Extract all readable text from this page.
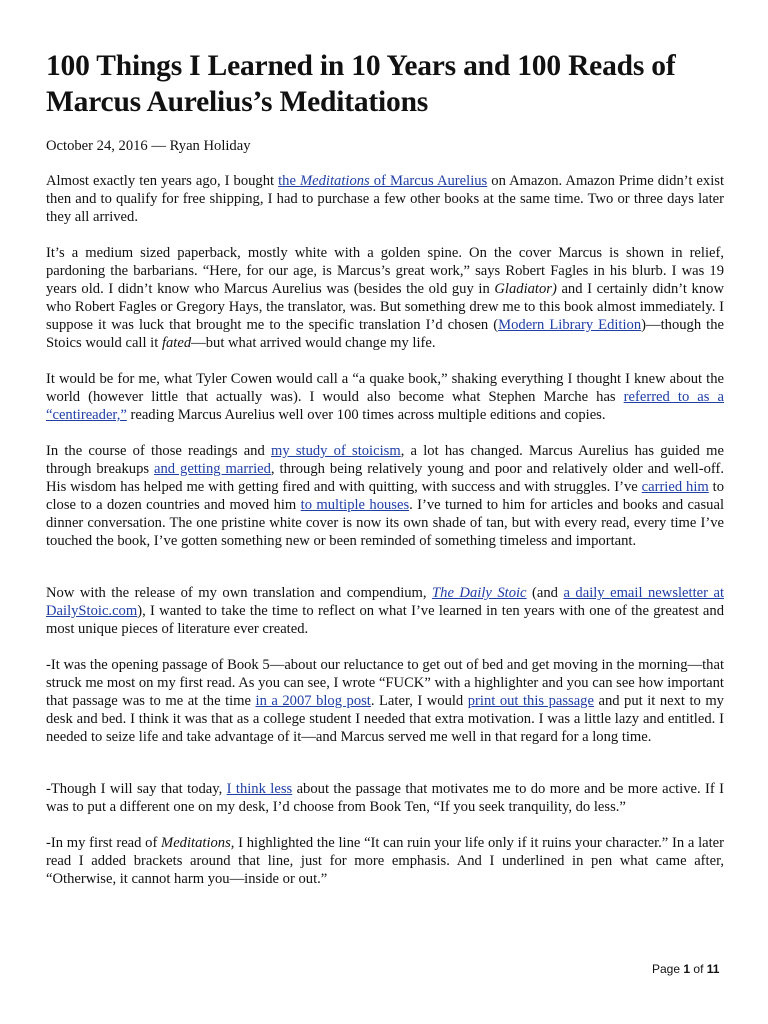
100 Things I Learned in 10 Years and 100 Reads of Marcus Aurelius’s Meditations

October 24, 2016 — Ryan Holiday

Almost exactly ten years ago, I bought the Meditations of Marcus Aurelius on Amazon. Amazon Prime didn’t exist then and to qualify for free shipping, I had to purchase a few other books at the same time. Two or three days later they all arrived.

It’s a medium sized paperback, mostly white with a golden spine. On the cover Marcus is shown in relief, pardoning the barbarians. “Here, for our age, is Marcus’s great work,” says Robert Fagles in his blurb. I was 19 years old. I didn’t know who Marcus Aurelius was (besides the old guy in Gladiator) and I certainly didn’t know who Robert Fagles or Gregory Hays, the translator, was. But something drew me to this book almost immediately. I suppose it was luck that brought me to the specific translation I’d chosen (Modern Library Edition)—though the Stoics would call it fated—but what arrived would change my life.

It would be for me, what Tyler Cowen would call a “a quake book,” shaking everything I thought I knew about the world (however little that actually was). I would also become what Stephen Marche has referred to as a “centireader,” reading Marcus Aurelius well over 100 times across multiple editions and copies.

In the course of those readings and my study of stoicism, a lot has changed. Marcus Aurelius has guided me through breakups and getting married, through being relatively young and poor and relatively older and well-off. His wisdom has helped me with getting fired and with quitting, with success and with struggles. I’ve carried him to close to a dozen countries and moved him to multiple houses. I’ve turned to him for articles and books and casual dinner conversation. The one pristine white cover is now its own shade of tan, but with every read, every time I’ve touched the book, I’ve gotten something new or been reminded of something timeless and important.

Now with the release of my own translation and compendium, The Daily Stoic (and a daily email newsletter at DailyStoic.com), I wanted to take the time to reflect on what I’ve learned in ten years with one of the greatest and most unique pieces of literature ever created.

-It was the opening passage of Book 5—about our reluctance to get out of bed and get moving in the morning—that struck me most on my first read. As you can see, I wrote “FUCK” with a highlighter and you can see how important that passage was to me at the time in a 2007 blog post. Later, I would print out this passage and put it next to my desk and bed. I think it was that as a college student I needed that extra motivation. I was a little lazy and entitled. I needed to seize life and take advantage of it—and Marcus served me well in that regard for a long time.

-Though I will say that today, I think less about the passage that motivates me to do more and be more active. If I was to put a different one on my desk, I’d choose from Book Ten, “If you seek tranquility, do less.”

-In my first read of Meditations, I highlighted the line “It can ruin your life only if it ruins your character.” In a later read I added brackets around that line, just for more emphasis. And I underlined in pen what came after, “Otherwise, it cannot harm you—inside or out.”

Page 1 of 11
